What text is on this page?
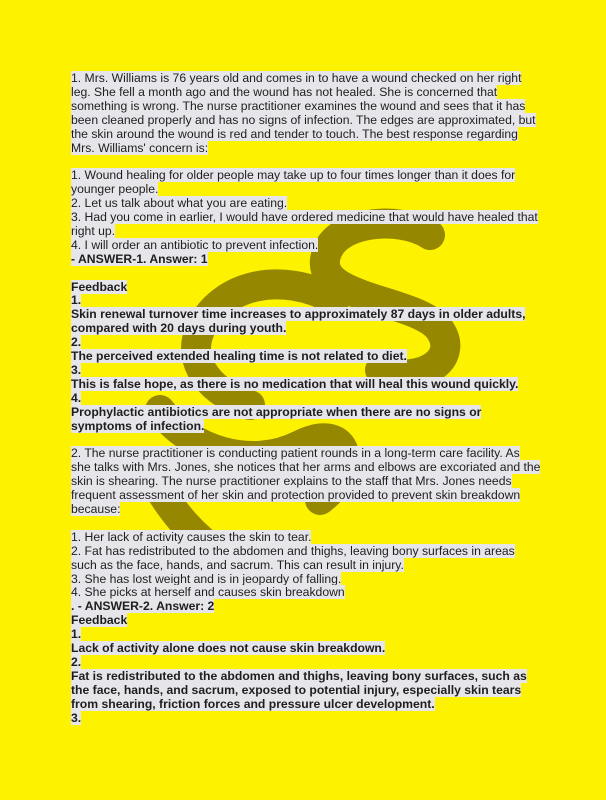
1. Mrs. Williams is 76 years old and comes in to have a wound checked on her right leg. She fell a month ago and the wound has not healed. She is concerned that something is wrong. The nurse practitioner examines the wound and sees that it has been cleaned properly and has no signs of infection. The edges are approximated, but the skin around the wound is red and tender to touch. The best response regarding Mrs. Williams' concern is:
1. Wound healing for older people may take up to four times longer than it does for younger people.
2. Let us talk about what you are eating.
3. Had you come in earlier, I would have ordered medicine that would have healed that right up.
4. I will order an antibiotic to prevent infection.
- ANSWER-1. Answer: 1
Feedback
1.
Skin renewal turnover time increases to approximately 87 days in older adults, compared with 20 days during youth.
2.
The perceived extended healing time is not related to diet.
3.
This is false hope, as there is no medication that will heal this wound quickly.
4.
Prophylactic antibiotics are not appropriate when there are no signs or symptoms of infection.
2. The nurse practitioner is conducting patient rounds in a long-term care facility. As she talks with Mrs. Jones, she notices that her arms and elbows are excoriated and the skin is shearing. The nurse practitioner explains to the staff that Mrs. Jones needs frequent assessment of her skin and protection provided to prevent skin breakdown because:
1. Her lack of activity causes the skin to tear.
2. Fat has redistributed to the abdomen and thighs, leaving bony surfaces in areas such as the face, hands, and sacrum. This can result in injury.
3. She has lost weight and is in jeopardy of falling.
4. She picks at herself and causes skin breakdown
. - ANSWER-2. Answer: 2
Feedback
1.
Lack of activity alone does not cause skin breakdown.
2.
Fat is redistributed to the abdomen and thighs, leaving bony surfaces, such as the face, hands, and sacrum, exposed to potential injury, especially skin tears from shearing, friction forces and pressure ulcer development.
3.
